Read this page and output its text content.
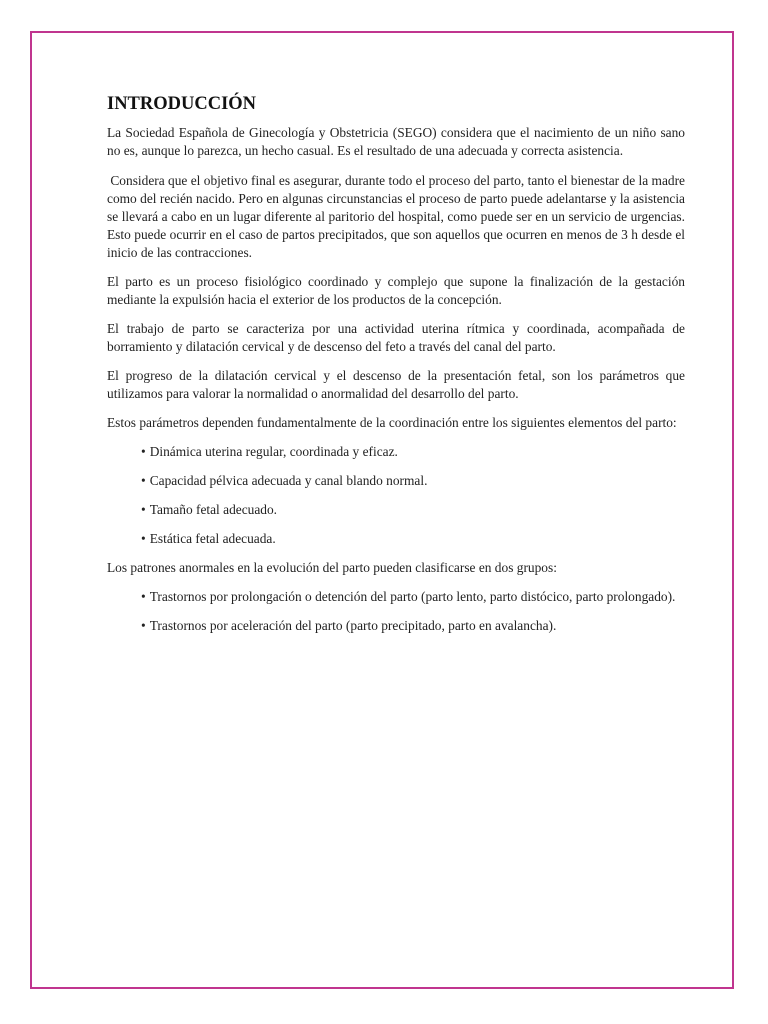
INTRODUCCIÓN

La Sociedad Española de Ginecología y Obstetricia (SEGO) considera que el nacimiento de un niño sano no es, aunque lo parezca, un hecho casual. Es el resultado de una adecuada y correcta asistencia.

Considera que el objetivo final es asegurar, durante todo el proceso del parto, tanto el bienestar de la madre como del recién nacido. Pero en algunas circunstancias el proceso de parto puede adelantarse y la asistencia se llevará a cabo en un lugar diferente al paritorio del hospital, como puede ser en un servicio de urgencias. Esto puede ocurrir en el caso de partos precipitados, que son aquellos que ocurren en menos de 3 h desde el inicio de las contracciones.

El parto es un proceso fisiológico coordinado y complejo que supone la finalización de la gestación mediante la expulsión hacia el exterior de los productos de la concepción.

El trabajo de parto se caracteriza por una actividad uterina rítmica y coordinada, acompañada de borramiento y dilatación cervical y de descenso del feto a través del canal del parto.

El progreso de la dilatación cervical y el descenso de la presentación fetal, son los parámetros que utilizamos para valorar la normalidad o anormalidad del desarrollo del parto.

Estos parámetros dependen fundamentalmente de la coordinación entre los siguientes elementos del parto:

• Dinámica uterina regular, coordinada y eficaz.
• Capacidad pélvica adecuada y canal blando normal.
• Tamaño fetal adecuado.
• Estática fetal adecuada.

Los patrones anormales en la evolución del parto pueden clasificarse en dos grupos:

• Trastornos por prolongación o detención del parto (parto lento, parto distócico, parto prolongado).
• Trastornos por aceleración del parto (parto precipitado, parto en avalancha).
